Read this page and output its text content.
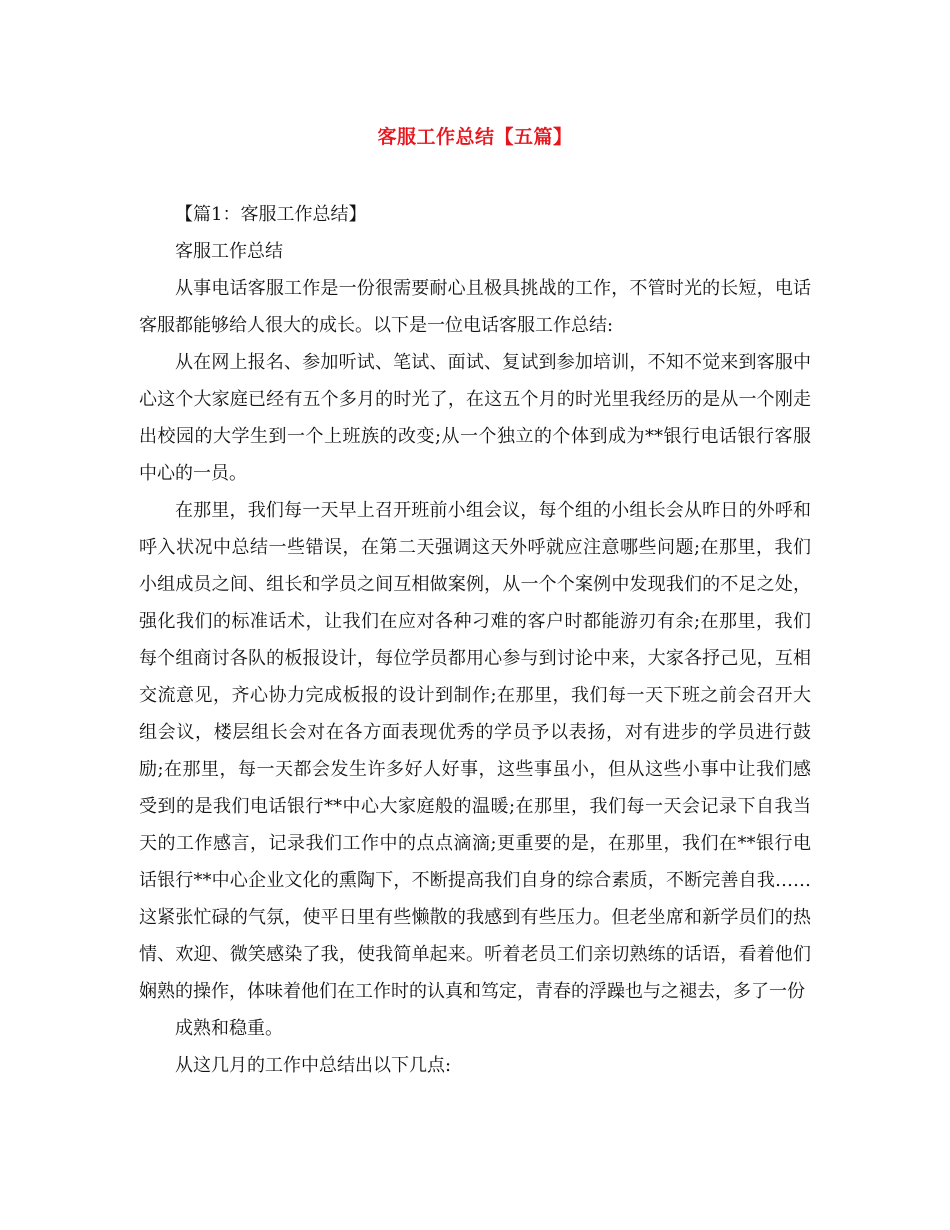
客服工作总结【五篇】

【篇1：客服工作总结】

客服工作总结

从事电话客服工作是一份很需要耐心且极具挑战的工作，不管时光的长短，电话客服都能够给人很大的成长。以下是一位电话客服工作总结:

从在网上报名、参加听试、笔试、面试、复试到参加培训，不知不觉来到客服中心这个大家庭已经有五个多月的时光了，在这五个月的时光里我经历的是从一个刚走出校园的大学生到一个上班族的改变;从一个独立的个体到成为**银行电话银行客服中心的一员。

在那里，我们每一天早上召开班前小组会议，每个组的小组长会从昨日的外呼和呼入状况中总结一些错误，在第二天强调这天外呼就应注意哪些问题;在那里，我们小组成员之间、组长和学员之间互相做案例，从一个个案例中发现我们的不足之处，强化我们的标准话术，让我们在应对各种刁难的客户时都能游刃有余;在那里，我们每个组商讨各队的板报设计，每位学员都用心参与到讨论中来，大家各抒己见，互相交流意见，齐心协力完成板报的设计到制作;在那里，我们每一天下班之前会召开大组会议，楼层组长会对在各方面表现优秀的学员予以表扬，对有进步的学员进行鼓励;在那里，每一天都会发生许多好人好事，这些事虽小，但从这些小事中让我们感受到的是我们电话银行**中心大家庭般的温暖;在那里，我们每一天会记录下自我当天的工作感言，记录我们工作中的点点滴滴;更重要的是，在那里，我们在**银行电话银行**中心企业文化的熏陶下，不断提高我们自身的综合素质，不断完善自我……这紧张忙碌的气氛，使平日里有些懒散的我感到有些压力。但老坐席和新学员们的热情、欢迎、微笑感染了我，使我简单起来。听着老员工们亲切熟练的话语，看着他们娴熟的操作，体味着他们在工作时的认真和笃定，青春的浮躁也与之褪去，多了一份

成熟和稳重。

从这几月的工作中总结出以下几点:
